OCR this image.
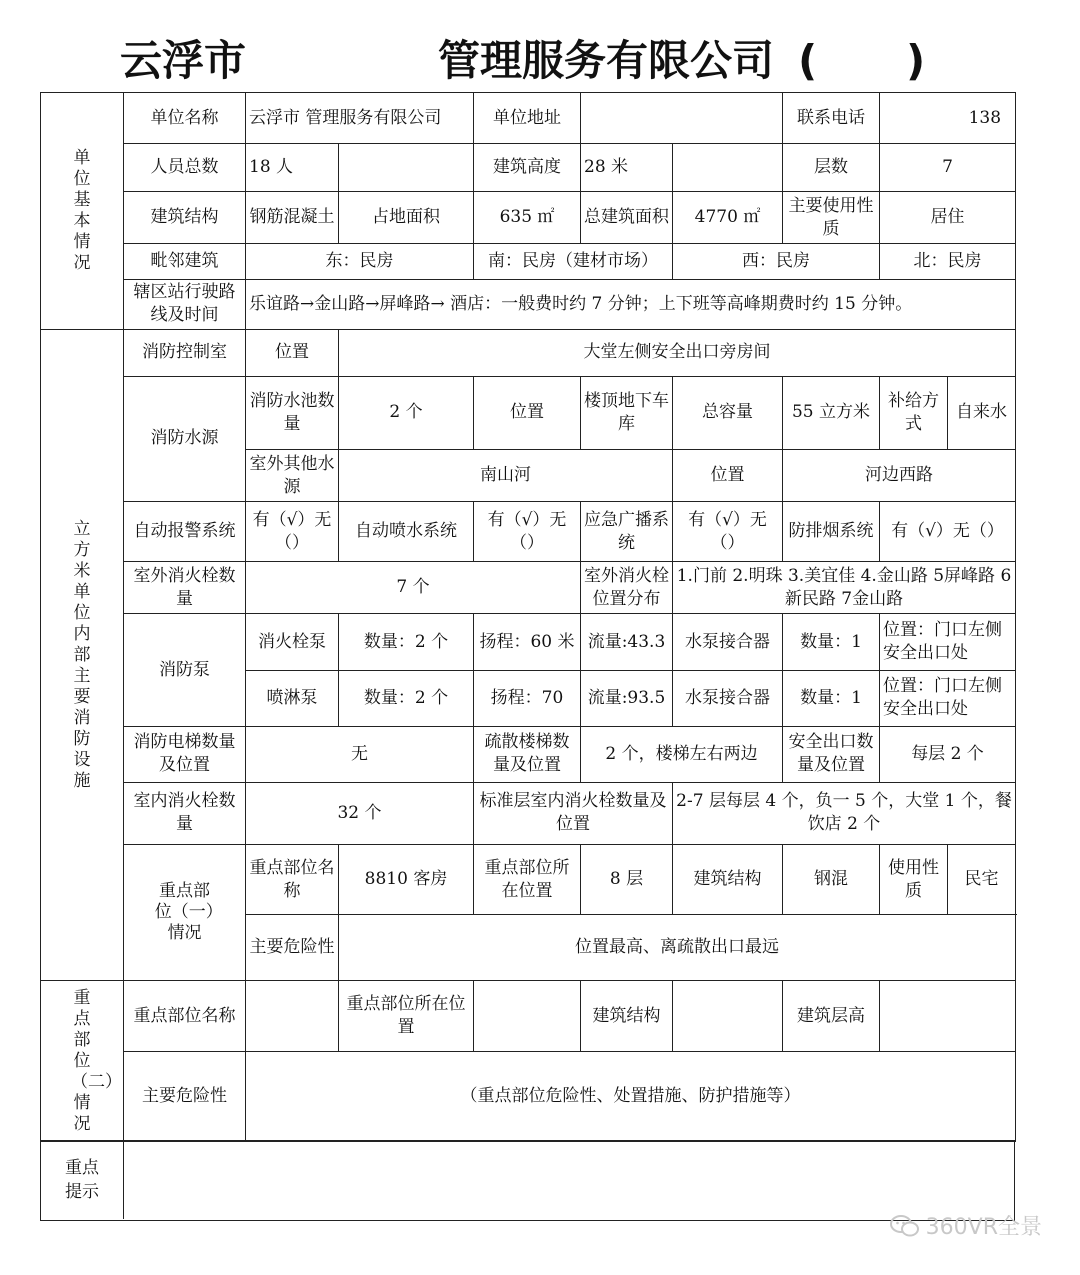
云浮市	管理服务有限公司 ( )
单位基本情况	单位名称	云浮市 管理服务有限公司		单位地址			联系电话	138	
	人员总数	18 人		建筑高度	28 米		层数	7	
	建筑结构	钢筋混凝土	占地面积	635 ㎡	总建筑面积	4770 ㎡	主要使用性质	居住	
	毗邻建筑	东：民房		南：民房（建材市场）		西：民房		北：民房	
	辖区站行驶路线及时间	乐谊路→金山路→屏峰路→ 酒店：一般费时约 7 分钟；上下班等高峰期费时约 15 分钟。							
立方米单位内部主要消防设施	消防控制室	位置	大堂左侧安全出口旁房间						
	消防水源	消防水池数量	2 个	位置	楼顶地下车库	总容量	55 立方米	补给方式	自来水
		室外其他水源	南山河			位置	河边西路		
	自动报警系统	有（√）无（）	自动喷水系统	有（√）无（）	应急广播系统	有（√）无（）	防排烟系统	有（√）无（）	
	室外消火栓数量	7 个			室外消火栓位置分布	1.门前 2.明珠 3.美宜佳 4.金山路 5屏峰路 6新民路 7金山路			
	消防泵	消火栓泵	数量：2 个	扬程：60 米	流量:43.3	水泵接合器	数量：1	位置：门口左侧安全出口处	
		喷淋泵	数量：2 个	扬程：70	流量:93.5	水泵接合器	数量：1	位置：门口左侧安全出口处	
	消防电梯数量及位置	无		疏散楼梯数量及位置	2 个，楼梯左右两边		安全出口数量及位置	每层 2 个	
	室内消火栓数量	32 个		标准层室内消火栓数量及位置		2-7 层每层 4 个，负一 5 个，大堂 1 个，餐饮店 2 个			
	重点部位（一）情况	重点部位名称	8810 客房	重点部位所在位置	8 层	建筑结构	钢混	使用性质	民宅
		主要危险性	位置最高、离疏散出口最远						
重点部位（二）情况	重点部位名称		重点部位所在位置		建筑结构		建筑层高		
	主要危险性	（重点部位危险性、处置措施、防护措施等）							
重点提示
360VR全景
